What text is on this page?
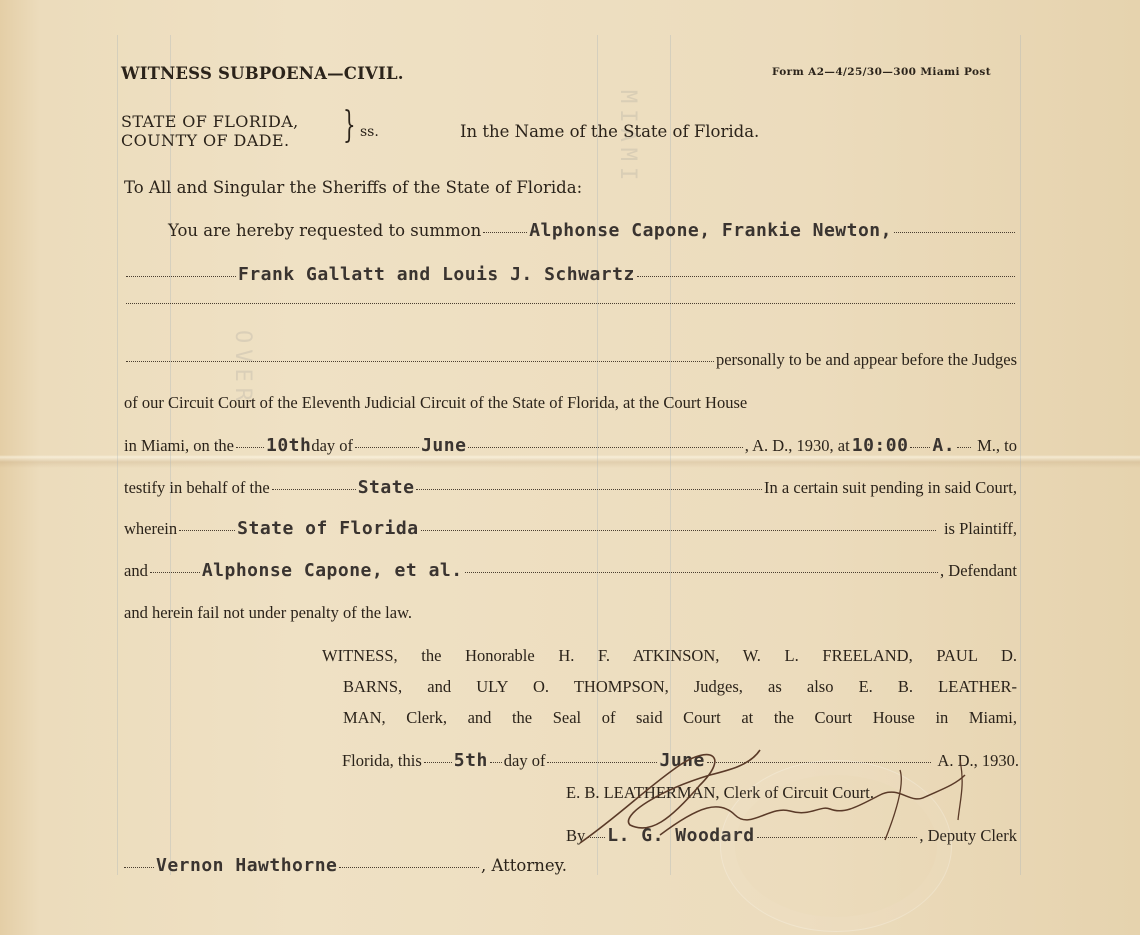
MIAMI
OVER
WITNESS SUBPOENA—CIVIL.	Form A2—4/25/30—300 Miami Post
STATE OF FLORIDA,
COUNTY OF DADE. } ss.	In the Name of the State of Florida.
To All and Singular the Sheriffs of the State of Florida:
You are hereby requested to summon	Alphonse Capone, Frankie Newton,
Frank Gallatt and Louis J. Schwartz
personally to be and appear before the Judges
of our Circuit Court of the Eleventh Judicial Circuit of the State of Florida, at the Court House
in Miami, on the 10th day of	June	, A. D., 1930, at 10:00 A. M., to
testify in behalf of the	State	In a certain suit pending in said Court,
wherein	State of Florida	is Plaintiff,
and	Alphonse Capone, et al.	, Defendant
and herein fail not under penalty of the law.
WITNESS, the Honorable H. F. ATKINSON, W. L. FREELAND, PAUL D.
BARNS, and ULY O. THOMPSON, Judges, as also E. B. LEATHER-
MAN, Clerk, and the Seal of said Court at the Court House in Miami,
Florida, this 5th day of	June	A. D., 1930.
E. B. LEATHERMAN, Clerk of Circuit Court.
By L. G. Woodard	, Deputy Clerk
Vernon Hawthorne	, Attorney.
